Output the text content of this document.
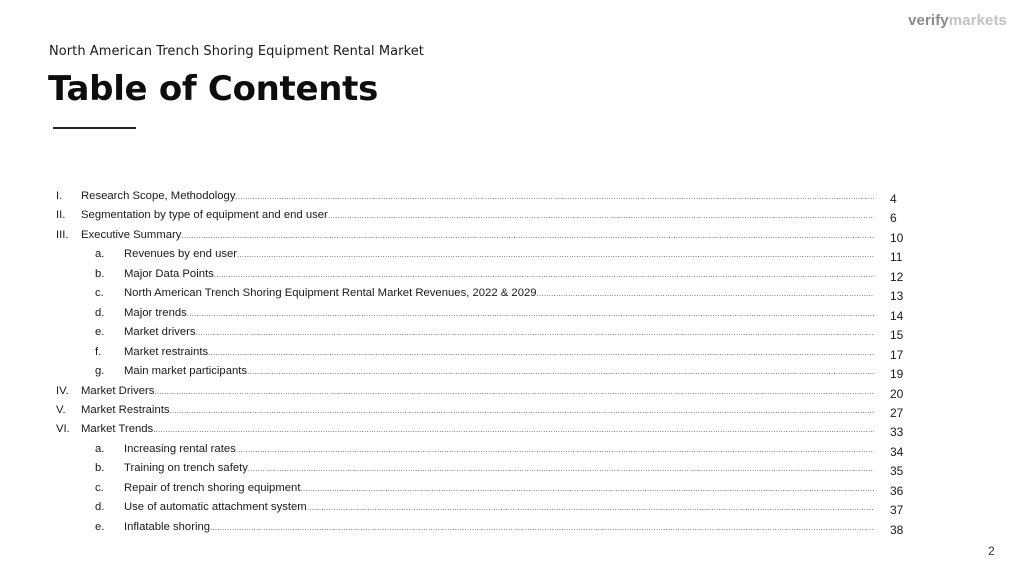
verifymarkets
North American Trench Shoring Equipment Rental Market
Table of Contents
I. Research Scope, Methodology .....	4
II. Segmentation by type of equipment and end user .....	6
III. Executive Summary .....	10
a. Revenues by end user .....	11
b. Major Data Points .....	12
c. North American Trench Shoring Equipment Rental Market Revenues, 2022 & 2029 .....	13
d. Major trends .....	14
e. Market drivers .....	15
f. Market restraints .....	17
g. Main market participants .....	19
IV. Market Drivers .....	20
V. Market Restraints .....	27
VI. Market Trends .....	33
a. Increasing rental rates .....	34
b. Training on trench safety .....	35
c. Repair of trench shoring equipment .....	36
d. Use of automatic attachment system .....	37
e. Inflatable shoring .....	38
2
